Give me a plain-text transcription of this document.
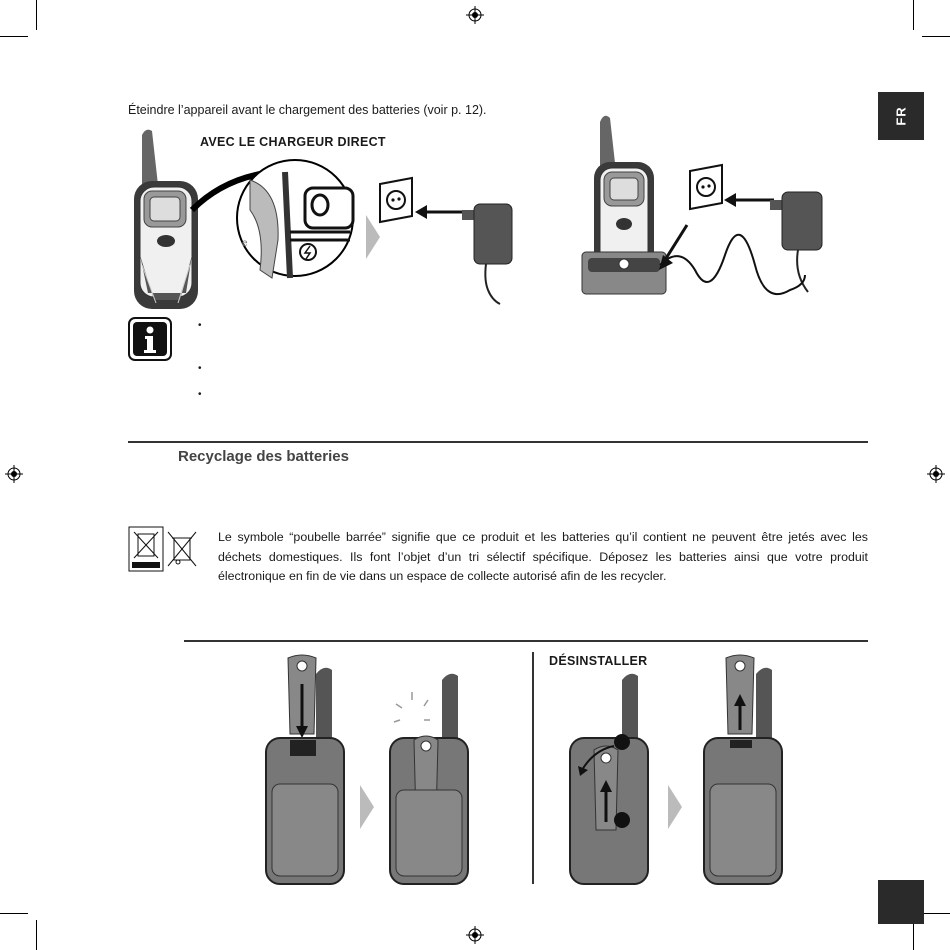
FR
Éteindre l’appareil avant le chargement des batteries (voir p. 12).
AVEC LE CHARGEUR DIRECT
e
•
•
•
Recyclage des batteries
Le symbole “poubelle barrée” signifie que ce produit et les batteries qu’il contient ne peuvent être jetés avec les déchets domestiques. Ils font l’objet d’un tri sélectif spécifique. Déposez les batteries ainsi que votre produit électronique en fin de vie dans un espace de collecte autorisé afin de les recycler.
DÉSINSTALLER
